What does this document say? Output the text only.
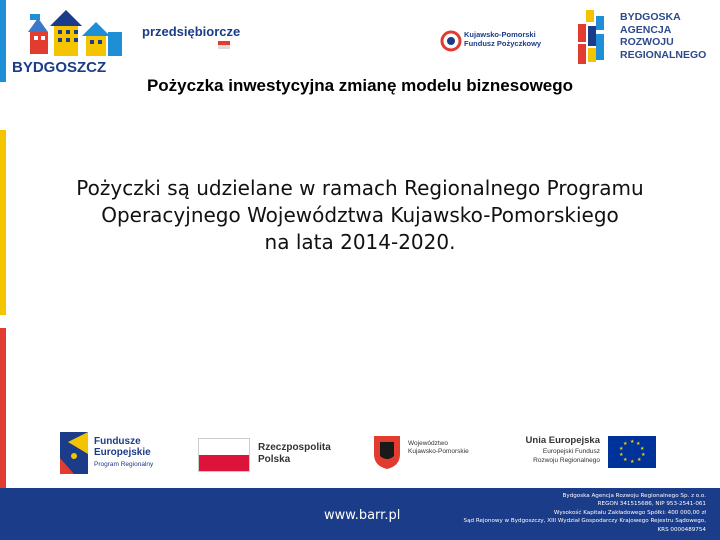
BYDGOSZCZ
przedsiębiorcze	Kujawsko-Pomorski
Fundusz Pożyczkowy
BYDGOSKA
AGENCJA
ROZWOJU
REGIONALNEGO
Pożyczka inwestycyjna zmianę modelu biznesowego
Pożyczki są udzielane w ramach Regionalnego Programu
Operacyjnego Województwa Kujawsko-Pomorskiego
na lata 2014-2020.
Fundusze
Europejskie
Program Regionalny
Rzeczpospolita
Polska
Województwo
Kujawsko-Pomorskie
Unia Europejska
Europejski Fundusz
Rozwoju Regionalnego
★ ★
★
★
★
★
★
★
★
★
www.barr.pl
Bydgoska Agencja Rozwoju Regionalnego Sp. z o.o.
REGON 341515686, NIP 953-2541-061
Wysokość Kapitału Zakładowego Spółki: 400 000,00 zł
Sąd Rejonowy w Bydgoszczy, XIII Wydział Gospodarczy Krajowego Rejestru Sądowego,
KRS 0000489754
